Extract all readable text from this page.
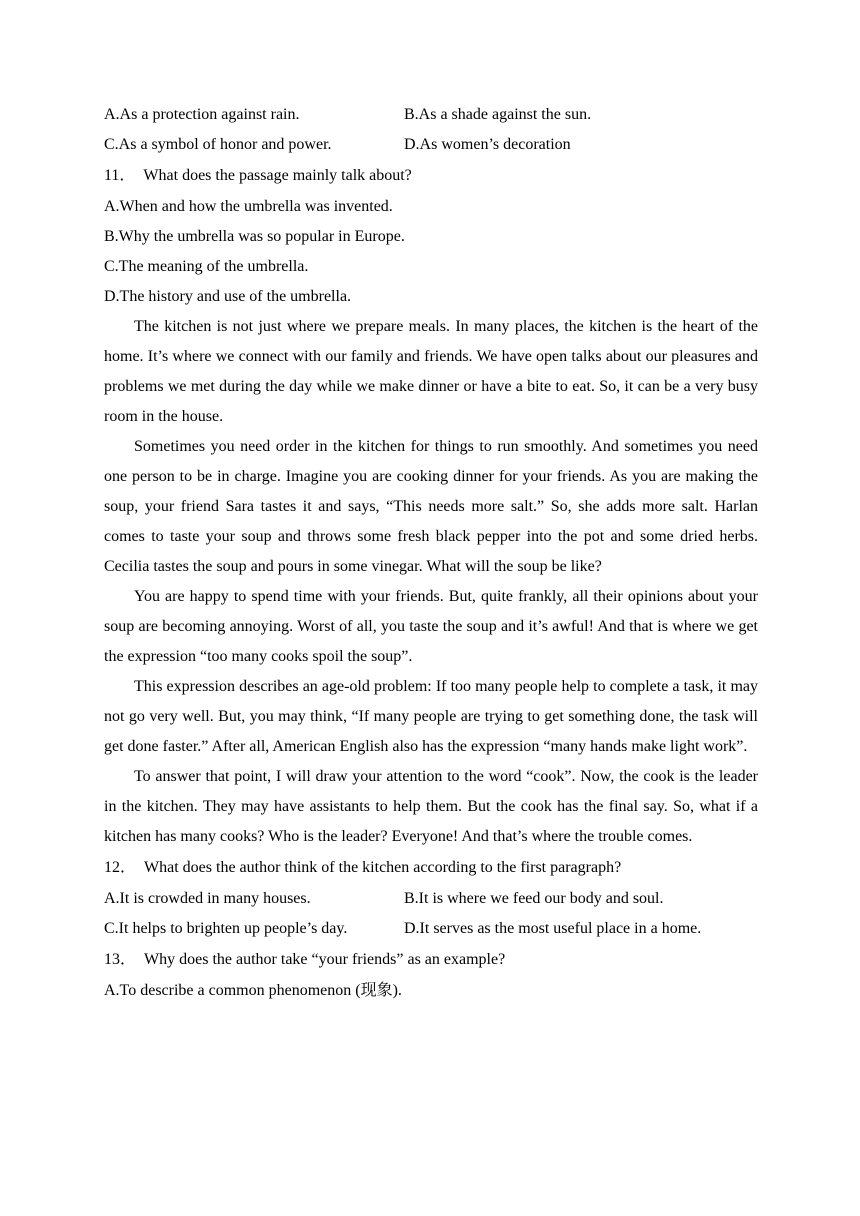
A.As a protection against rain.	B.As a shade against the sun.
C.As a symbol of honor and power.	D.As women’s decoration
11． What does the passage mainly talk about?
A.When and how the umbrella was invented.
B.Why the umbrella was so popular in Europe.
C.The meaning of the umbrella.
D.The history and use of the umbrella.

The kitchen is not just where we prepare meals. In many places, the kitchen is the heart of the home. It’s where we connect with our family and friends. We have open talks about our pleasures and problems we met during the day while we make dinner or have a bite to eat. So, it can be a very busy room in the house.

Sometimes you need order in the kitchen for things to run smoothly. And sometimes you need one person to be in charge. Imagine you are cooking dinner for your friends. As you are making the soup, your friend Sara tastes it and says, “This needs more salt.” So, she adds more salt. Harlan comes to taste your soup and throws some fresh black pepper into the pot and some dried herbs. Cecilia tastes the soup and pours in some vinegar. What will the soup be like?

You are happy to spend time with your friends. But, quite frankly, all their opinions about your soup are becoming annoying. Worst of all, you taste the soup and it’s awful! And that is where we get the expression “too many cooks spoil the soup”.

This expression describes an age-old problem: If too many people help to complete a task, it may not go very well. But, you may think, “If many people are trying to get something done, the task will get done faster.” After all, American English also has the expression “many hands make light work”.

To answer that point, I will draw your attention to the word “cook”. Now, the cook is the leader in the kitchen. They may have assistants to help them. But the cook has the final say. So, what if a kitchen has many cooks? Who is the leader? Everyone! And that’s where the trouble comes.

12． What does the author think of the kitchen according to the first paragraph?
A.It is crowded in many houses.	B.It is where we feed our body and soul.
C.It helps to brighten up people’s day.	D.It serves as the most useful place in a home.
13． Why does the author take “your friends” as an example?
A.To describe a common phenomenon (现象).
